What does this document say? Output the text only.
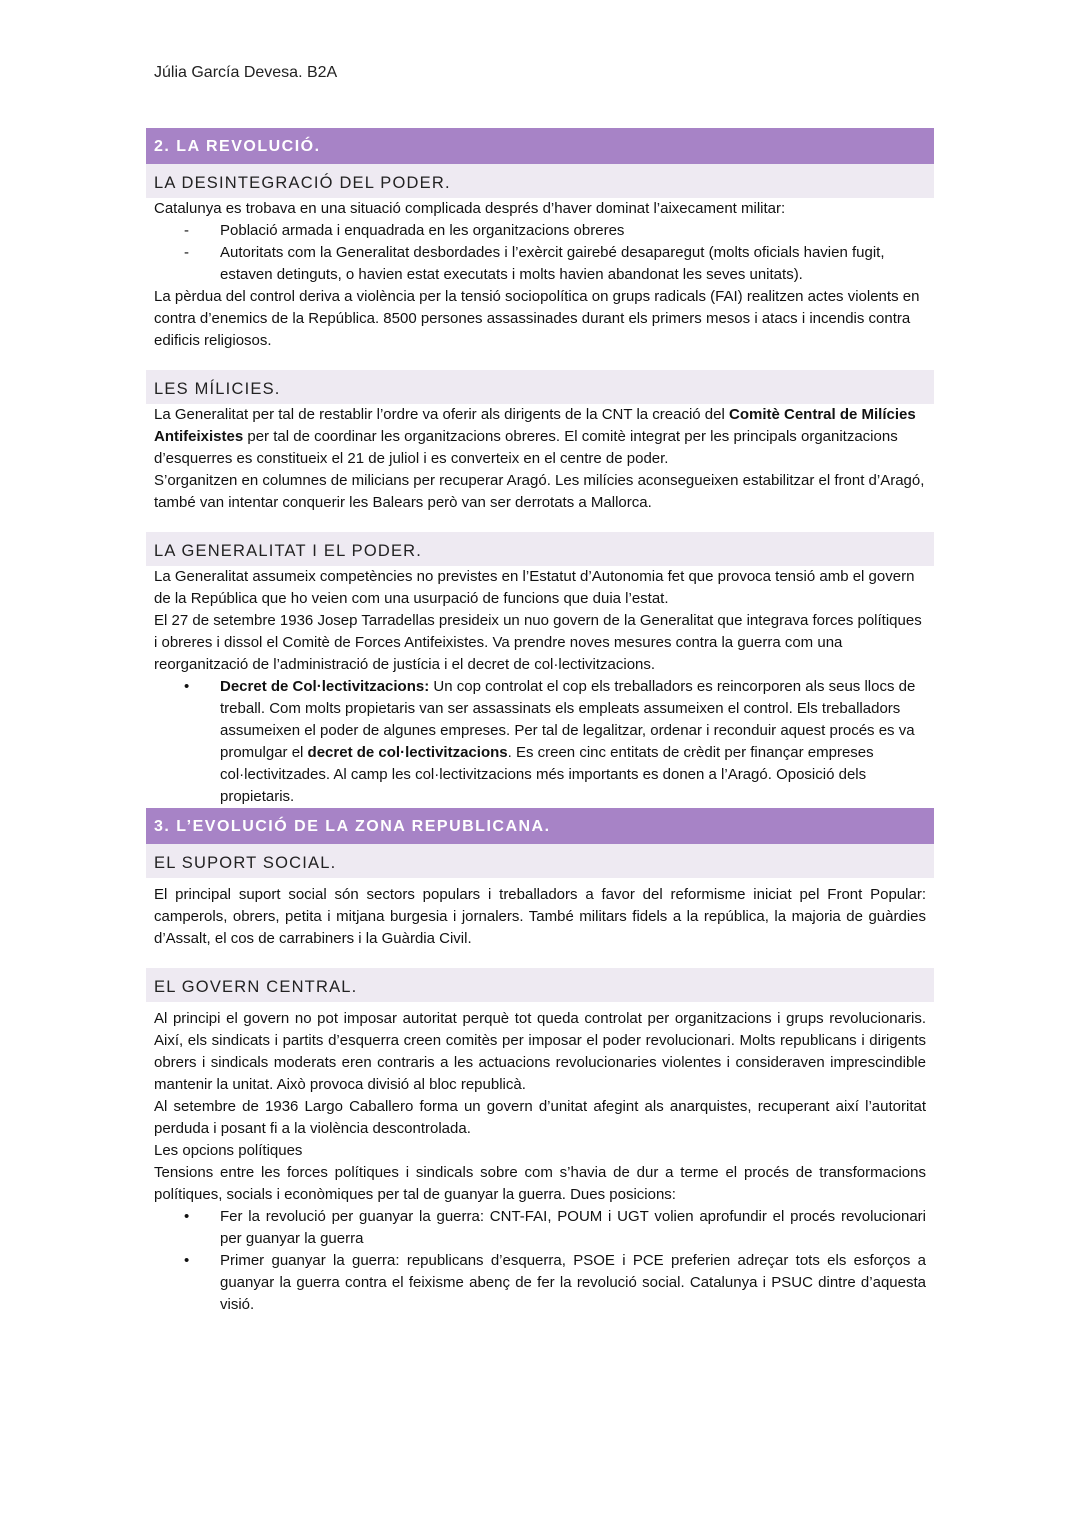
Júlia García Devesa. B2A
2. LA REVOLUCIÓ.
LA DESINTEGRACIÓ DEL PODER.

Catalunya es trobava en una situació complicada després d’haver dominat l’aixecament militar:

-	Població armada i enquadrada en les organitzacions obreres
-	Autoritats com la Generalitat desbordades i l’exèrcit gairebé desaparegut (molts oficials havien fugit, estaven detinguts, o havien estat executats i molts havien abandonat les seves unitats).

La pèrdua del control deriva a violència per la tensió sociopolítica on grups radicals (FAI) realitzen actes violents en contra d’enemics de la República. 8500 persones assassinades durant els primers mesos i atacs i incendis contra edificis religiosos.

LES MÍLICIES.

La Generalitat per tal de restablir l’ordre va oferir als dirigents de la CNT la creació del Comitè Central de Milícies Antifeixistes per tal de coordinar les organitzacions obreres. El comitè integrat per les principals organitzacions d’esquerres es constitueix el 21 de juliol i es converteix en el centre de poder.

S’organitzen en columnes de milicians per recuperar Aragó. Les milícies aconsegueixen estabilitzar el front d’Aragó, també van intentar conquerir les Balears però van ser derrotats a Mallorca.

LA GENERALITAT I EL PODER.

La Generalitat assumeix competències no previstes en l’Estatut d’Autonomia fet que provoca tensió amb el govern de la República que ho veien com una usurpació de funcions que duia l’estat.

El 27 de setembre 1936 Josep Tarradellas presideix un nuo govern de la Generalitat que integrava forces polítiques i obreres i dissol el Comitè de Forces Antifeixistes. Va prendre noves mesures contra la guerra com una reorganització de l’administració de justícia i el decret de col·lectivitzacions.

•	Decret de Col·lectivitzacions: Un cop controlat el cop els treballadors es reincorporen als seus llocs de treball. Com molts propietaris van ser assassinats els empleats assumeixen el control. Els treballadors assumeixen el poder de algunes empreses. Per tal de legalitzar, ordenar i reconduir aquest procés es va promulgar el decret de col·lectivitzacions. Es creen cinc entitats de crèdit per finançar empreses col·lectivitzades. Al camp les col·lectivitzacions més importants es donen a l’Aragó. Oposició dels propietaris.
3. L’EVOLUCIÓ DE LA ZONA REPUBLICANA.
EL SUPORT SOCIAL.

El principal suport social són sectors populars i treballadors a favor del reformisme iniciat pel Front Popular: camperols, obrers, petita i mitjana burgesia i jornalers. També militars fidels a la república, la majoria de guàrdies d’Assalt, el cos de carrabiners i la Guàrdia Civil.

EL GOVERN CENTRAL.

Al principi el govern no pot imposar autoritat perquè tot queda controlat per organitzacions i grups revolucionaris. Així, els sindicats i partits d’esquerra creen comitès per imposar el poder revolucionari. Molts republicans i dirigents obrers i sindicals moderats eren contraris a les actuacions revolucionaries violentes i consideraven imprescindible mantenir la unitat. Això provoca divisió al bloc republicà.

Al setembre de 1936 Largo Caballero forma un govern d’unitat afegint als anarquistes, recuperant així l’autoritat perduda i posant fi a la violència descontrolada.

Les opcions polítiques

Tensions entre les forces polítiques i sindicals sobre com s’havia de dur a terme el procés de transformacions polítiques, socials i econòmiques per tal de guanyar la guerra. Dues posicions:

•	Fer la revolució per guanyar la guerra: CNT-FAI, POUM i UGT volien aprofundir el procés revolucionari per guanyar la guerra
•	Primer guanyar la guerra: republicans d’esquerra, PSOE i PCE preferien adreçar tots els esforços a guanyar la guerra contra el feixisme abenç de fer la revolució social. Catalunya i PSUC dintre d’aquesta visió.
